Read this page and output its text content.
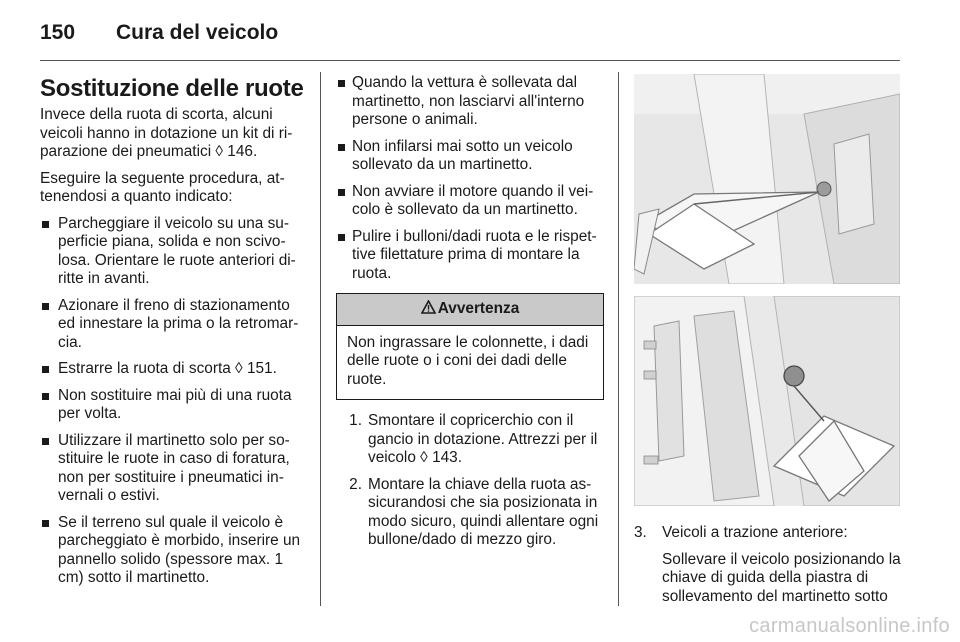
150	Cura del veicolo
Sostituzione delle ruote

Invece della ruota di scorta, alcuni veicoli hanno in dotazione un kit di ri-parazione dei pneumatici ◊ 146.

Eseguire la seguente procedura, at-tenendosi a quanto indicato:

Parcheggiare il veicolo su una su-perficie piana, solida e non scivo-losa. Orientare le ruote anteriori di-ritte in avanti.
Azionare il freno di stazionamento ed innestare la prima o la retromar-cia.
Estrarre la ruota di scorta ◊ 151.
Non sostituire mai più di una ruota per volta.
Utilizzare il martinetto solo per so-stituire le ruote in caso di foratura, non per sostituire i pneumatici in-vernali o estivi.
Se il terreno sul quale il veicolo è parcheggiato è morbido, inserire un pannello solido (spessore max. 1 cm) sotto il martinetto.
Quando la vettura è sollevata dal martinetto, non lasciarvi all'interno persone o animali.
Non infilarsi mai sotto un veicolo sollevato da un martinetto.
Non avviare il motore quando il vei-colo è sollevato da un martinetto.
Pulire i bulloni/dadi ruota e le rispet-tive filettature prima di montare la ruota.
Avvertenza
Non ingrassare le colonnette, i dadi delle ruote o i coni dei dadi delle ruote.
1. Smontare il copricerchio con il gancio in dotazione. Attrezzi per il veicolo ◊ 143.
2. Montare la chiave della ruota as-sicurandosi che sia posizionata in modo sicuro, quindi allentare ogni bullone/dado di mezzo giro.	3. Veicoli a trazione anteriore:
Sollevare il veicolo posizionando la chiave di guida della piastra di sollevamento del martinetto sotto
carmanualsonline.info
